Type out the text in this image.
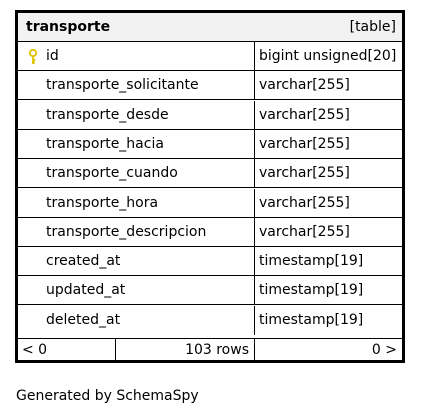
transporte	[table]
id	bigint unsigned[20]
transporte_solicitante	varchar[255]
transporte_desde	varchar[255]
transporte_hacia	varchar[255]
transporte_cuando	varchar[255]
transporte_hora	varchar[255]
transporte_descripcion	varchar[255]
created_at	timestamp[19]
updated_at	timestamp[19]
deleted_at	timestamp[19]
< 0	103 rows	0 >
Generated by SchemaSpy
